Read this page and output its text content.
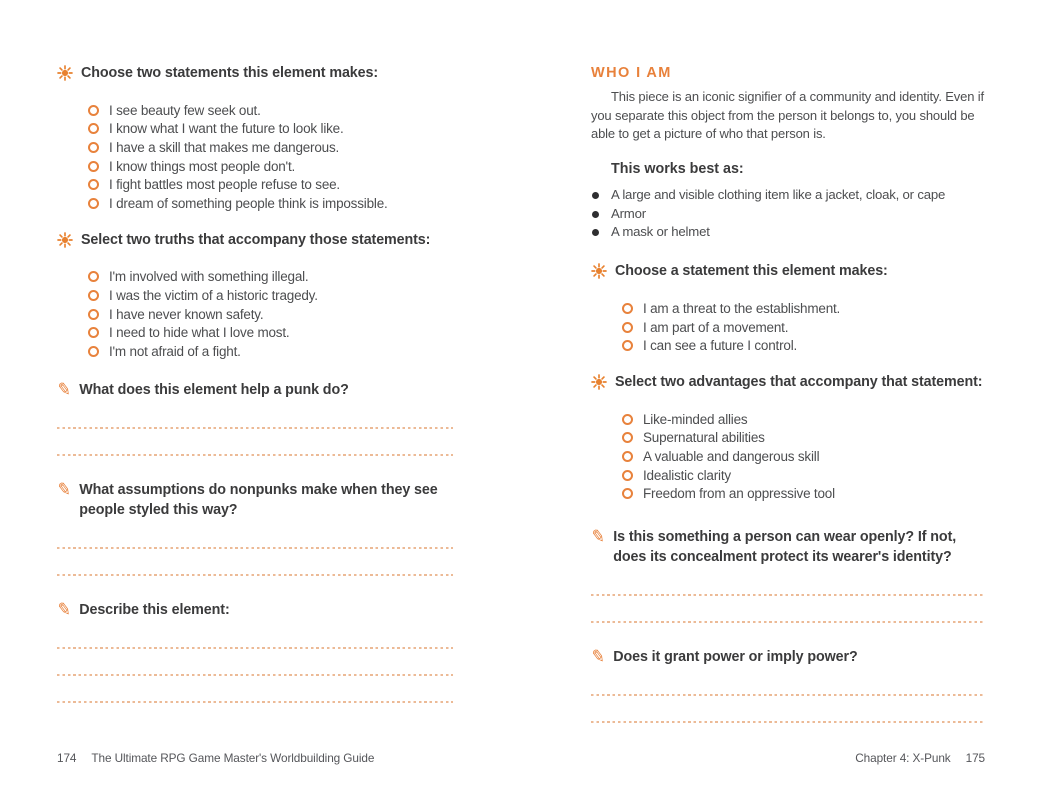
Choose two statements this element makes:
I see beauty few seek out.
I know what I want the future to look like.
I have a skill that makes me dangerous.
I know things most people don't.
I fight battles most people refuse to see.
I dream of something people think is impossible.
Select two truths that accompany those statements:
I'm involved with something illegal.
I was the victim of a historic tragedy.
I have never known safety.
I need to hide what I love most.
I'm not afraid of a fight.
✎ What does this element help a punk do?
✎ What assumptions do nonpunks make when they see people styled this way?
✎ Describe this element:
WHO I AM

This piece is an iconic signifier of a community and identity. Even if you separate this object from the person it belongs to, you should be able to get a picture of who that person is.

This works best as:
A large and visible clothing item like a jacket, cloak, or cape
Armor
A mask or helmet
Choose a statement this element makes:
I am a threat to the establishment.
I am part of a movement.
I can see a future I control.
Select two advantages that accompany that statement:
Like-minded allies
Supernatural abilities
A valuable and dangerous skill
Idealistic clarity
Freedom from an oppressive tool
✎ Is this something a person can wear openly? If not, does its concealment protect its wearer's identity?
✎ Does it grant power or imply power?
174 The Ultimate RPG Game Master's Worldbuilding Guide	Chapter 4: X-Punk 175
